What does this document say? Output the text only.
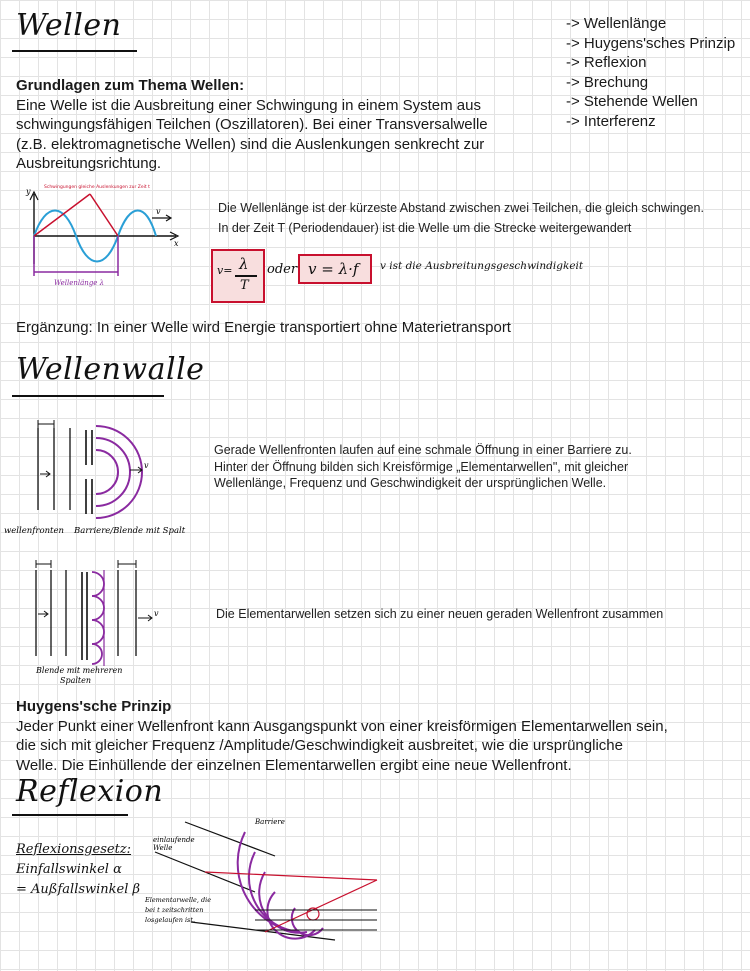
Wellen	-> Wellenlänge
-> Huygens'sches Prinzip
-> Reflexion
-> Brechung
-> Stehende Wellen
-> Interferenz
Grundlagen zum Thema Wellen:
Eine Welle ist die Ausbreitung einer Schwingung in einem System aus
schwingungsfähigen Teilchen (Oszillatoren). Bei einer Transversalwelle
(z.B. elektromagnetische Wellen) sind die Auslenkungen senkrecht zur
Ausbreitungsrichtung.
y
x
v
Schwingungen gleiche Auslenkungen zur Zeit t
Wellenlänge λ
Die Wellenlänge ist der kürzeste Abstand zwischen zwei Teilchen, die gleich schwingen.
In der Zeit T (Periodendauer) ist die Welle um die Strecke weitergewandert
v= λ
T
oder v = λ·f v ist die Ausbreitungsgeschwindigkeit
Ergänzung: In einer Welle wird Energie transportiert ohne Materietransport
Wellenwalle
v
wellenfronten Barriere/Blende mit Spalt
Gerade Wellenfronten laufen auf eine schmale Öffnung in einer Barriere zu.
Hinter der Öffnung bilden sich Kreisförmige „Elementarwellen", mit gleicher
Wellenlänge, Frequenz und Geschwindigkeit der ursprünglichen Welle.
v
Blende mit mehreren
Spalten
Die Elementarwellen setzen sich zu einer neuen geraden Wellenfront zusammen
Huygens'sche Prinzip
Jeder Punkt einer Wellenfront kann Ausgangspunkt von einer kreisförmigen Elementarwellen sein,
die sich mit gleicher Frequenz /Amplitude/Geschwindigkeit ausbreitet, wie die ursprüngliche
Welle. Die Einhüllende der einzelnen Elementarwellen ergibt eine neue Wellenfront.
Reflexion
Reflexionsgesetz:
Einfallswinkel α
= Außfallswinkel β
Barriere
einlaufende
Welle
Elementarwelle, die
bei t zeitschritten
losgelaufen ist.
